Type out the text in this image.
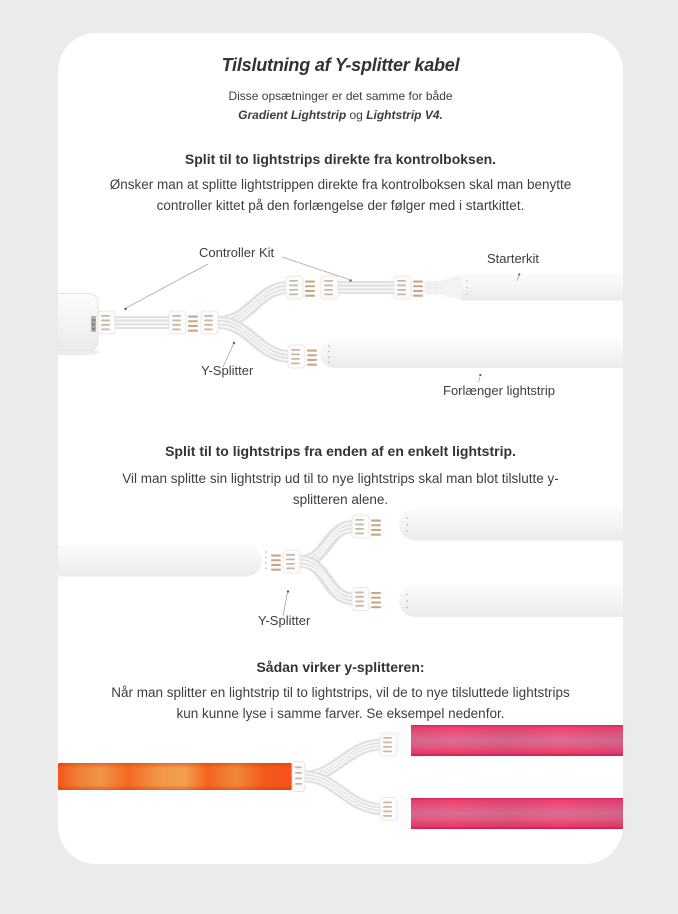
Tilslutning af Y-splitter kabel
Disse opsætninger er det samme for både
Gradient Lightstrip og Lightstrip V4.
Split til to lightstrips direkte fra kontrolboksen.
Ønsker man at splitte lightstrippen direkte fra kontrolboksen skal man benytte controller kittet på den forlængelse der følger med i startkittet.
Controller Kit	Starterkit
Y-Splitter
Forlænger lightstrip
Split til to lightstrips fra enden af en enkelt lightstrip.
Vil man splitte sin lightstrip ud til to nye lightstrips skal man blot tilslutte y-splitteren alene.
Y-Splitter
Sådan virker y-splitteren:
Når man splitter en lightstrip til to lightstrips, vil de to nye tilsluttede lightstrips kun kunne lyse i samme farver. Se eksempel nedenfor.
